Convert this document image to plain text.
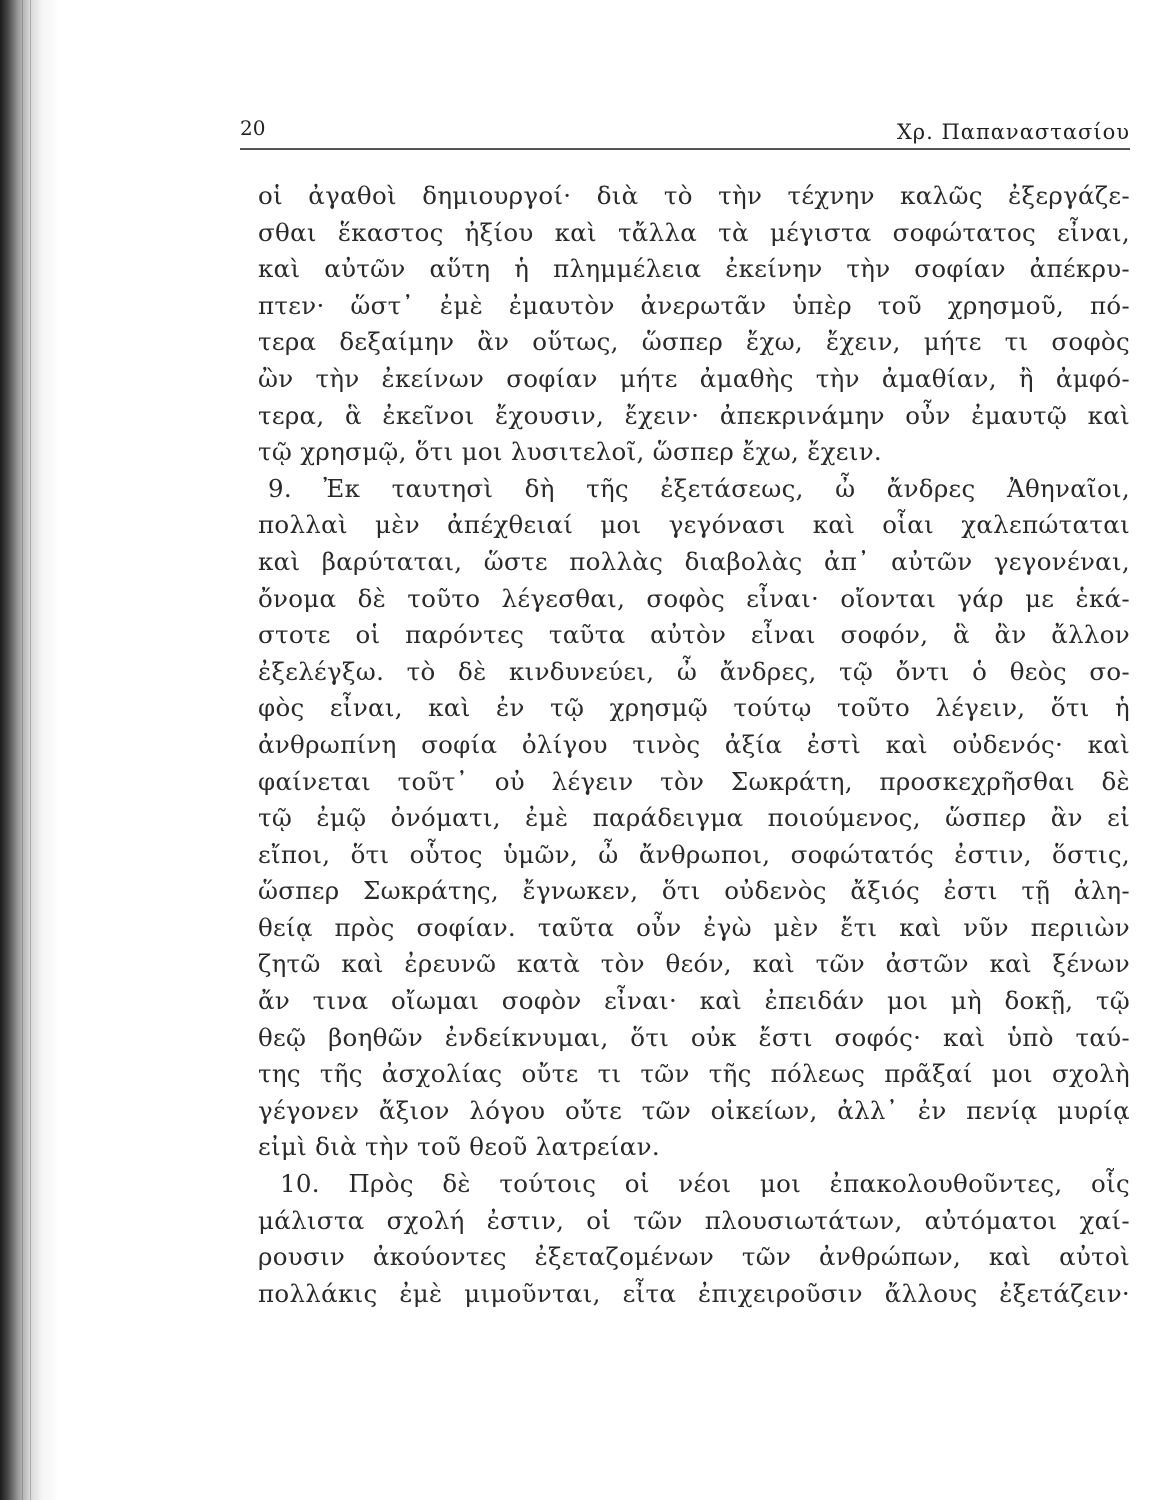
20	Χρ. Παπαναστασίου
οἱ ἀγαθοὶ δημιουργοί· διὰ τὸ τὴν τέχνην καλῶς ἐξεργάζε-
σθαι ἕκαστος ἠξίου καὶ τἄλλα τὰ μέγιστα σοφώτατος εἶναι,
καὶ αὐτῶν αὕτη ἡ πλημμέλεια ἐκείνην τὴν σοφίαν ἀπέκρυ-
πτεν· ὥστ᾽ ἐμὲ ἐμαυτὸν ἀνερωτᾶν ὑπὲρ τοῦ χρησμοῦ, πό-
τερα δεξαίμην ἂν οὕτως, ὥσπερ ἔχω, ἔχειν, μήτε τι σοφὸς
ὢν τὴν ἐκείνων σοφίαν μήτε ἀμαθὴς τὴν ἀμαθίαν, ἢ ἀμφό-
τερα, ἃ ἐκεῖνοι ἔχουσιν, ἔχειν· ἀπεκρινάμην οὖν ἐμαυτῷ καὶ
τῷ χρησμῷ, ὅτι μοι λυσιτελοῖ, ὥσπερ ἔχω, ἔχειν.
9. Ἐκ ταυτησὶ δὴ τῆς ἐξετάσεως, ὦ ἄνδρες Ἀθηναῖοι,
πολλαὶ μὲν ἀπέχθειαί μοι γεγόνασι καὶ οἷαι χαλεπώταται
καὶ βαρύταται, ὥστε πολλὰς διαβολὰς ἀπ᾽ αὐτῶν γεγονέναι,
ὄνομα δὲ τοῦτο λέγεσθαι, σοφὸς εἶναι· οἴονται γάρ με ἑκά-
στοτε οἱ παρόντες ταῦτα αὐτὸν εἶναι σοφόν, ἃ ἂν ἄλλον
ἐξελέγξω. τὸ δὲ κινδυνεύει, ὦ ἄνδρες, τῷ ὄντι ὁ θεὸς σο-
φὸς εἶναι, καὶ ἐν τῷ χρησμῷ τούτῳ τοῦτο λέγειν, ὅτι ἡ
ἀνθρωπίνη σοφία ὀλίγου τινὸς ἀξία ἐστὶ καὶ οὐδενός· καὶ
φαίνεται τοῦτ᾽ οὐ λέγειν τὸν Σωκράτη, προσκεχρῆσθαι δὲ
τῷ ἐμῷ ὀνόματι, ἐμὲ παράδειγμα ποιούμενος, ὥσπερ ἂν εἰ
εἴποι, ὅτι οὗτος ὑμῶν, ὦ ἄνθρωποι, σοφώτατός ἐστιν, ὅστις,
ὥσπερ Σωκράτης, ἔγνωκεν, ὅτι οὐδενὸς ἄξιός ἐστι τῇ ἀλη-
θείᾳ πρὸς σοφίαν. ταῦτα οὖν ἐγὼ μὲν ἔτι καὶ νῦν περιιὼν
ζητῶ καὶ ἐρευνῶ κατὰ τὸν θεόν, καὶ τῶν ἀστῶν καὶ ξένων
ἄν τινα οἴωμαι σοφὸν εἶναι· καὶ ἐπειδάν μοι μὴ δοκῇ, τῷ
θεῷ βοηθῶν ἐνδείκνυμαι, ὅτι οὐκ ἔστι σοφός· καὶ ὑπὸ ταύ-
της τῆς ἀσχολίας οὔτε τι τῶν τῆς πόλεως πρᾶξαί μοι σχολὴ
γέγονεν ἄξιον λόγου οὔτε τῶν οἰκείων, ἀλλ᾽ ἐν πενίᾳ μυρίᾳ
εἰμὶ διὰ τὴν τοῦ θεοῦ λατρείαν.
10. Πρὸς δὲ τούτοις οἱ νέοι μοι ἐπακολουθοῦντες, οἷς
μάλιστα σχολή ἐστιν, οἱ τῶν πλουσιωτάτων, αὐτόματοι χαί-
ρουσιν ἀκούοντες ἐξεταζομένων τῶν ἀνθρώπων, καὶ αὐτοὶ
πολλάκις ἐμὲ μιμοῦνται, εἶτα ἐπιχειροῦσιν ἄλλους ἐξετάζειν·
